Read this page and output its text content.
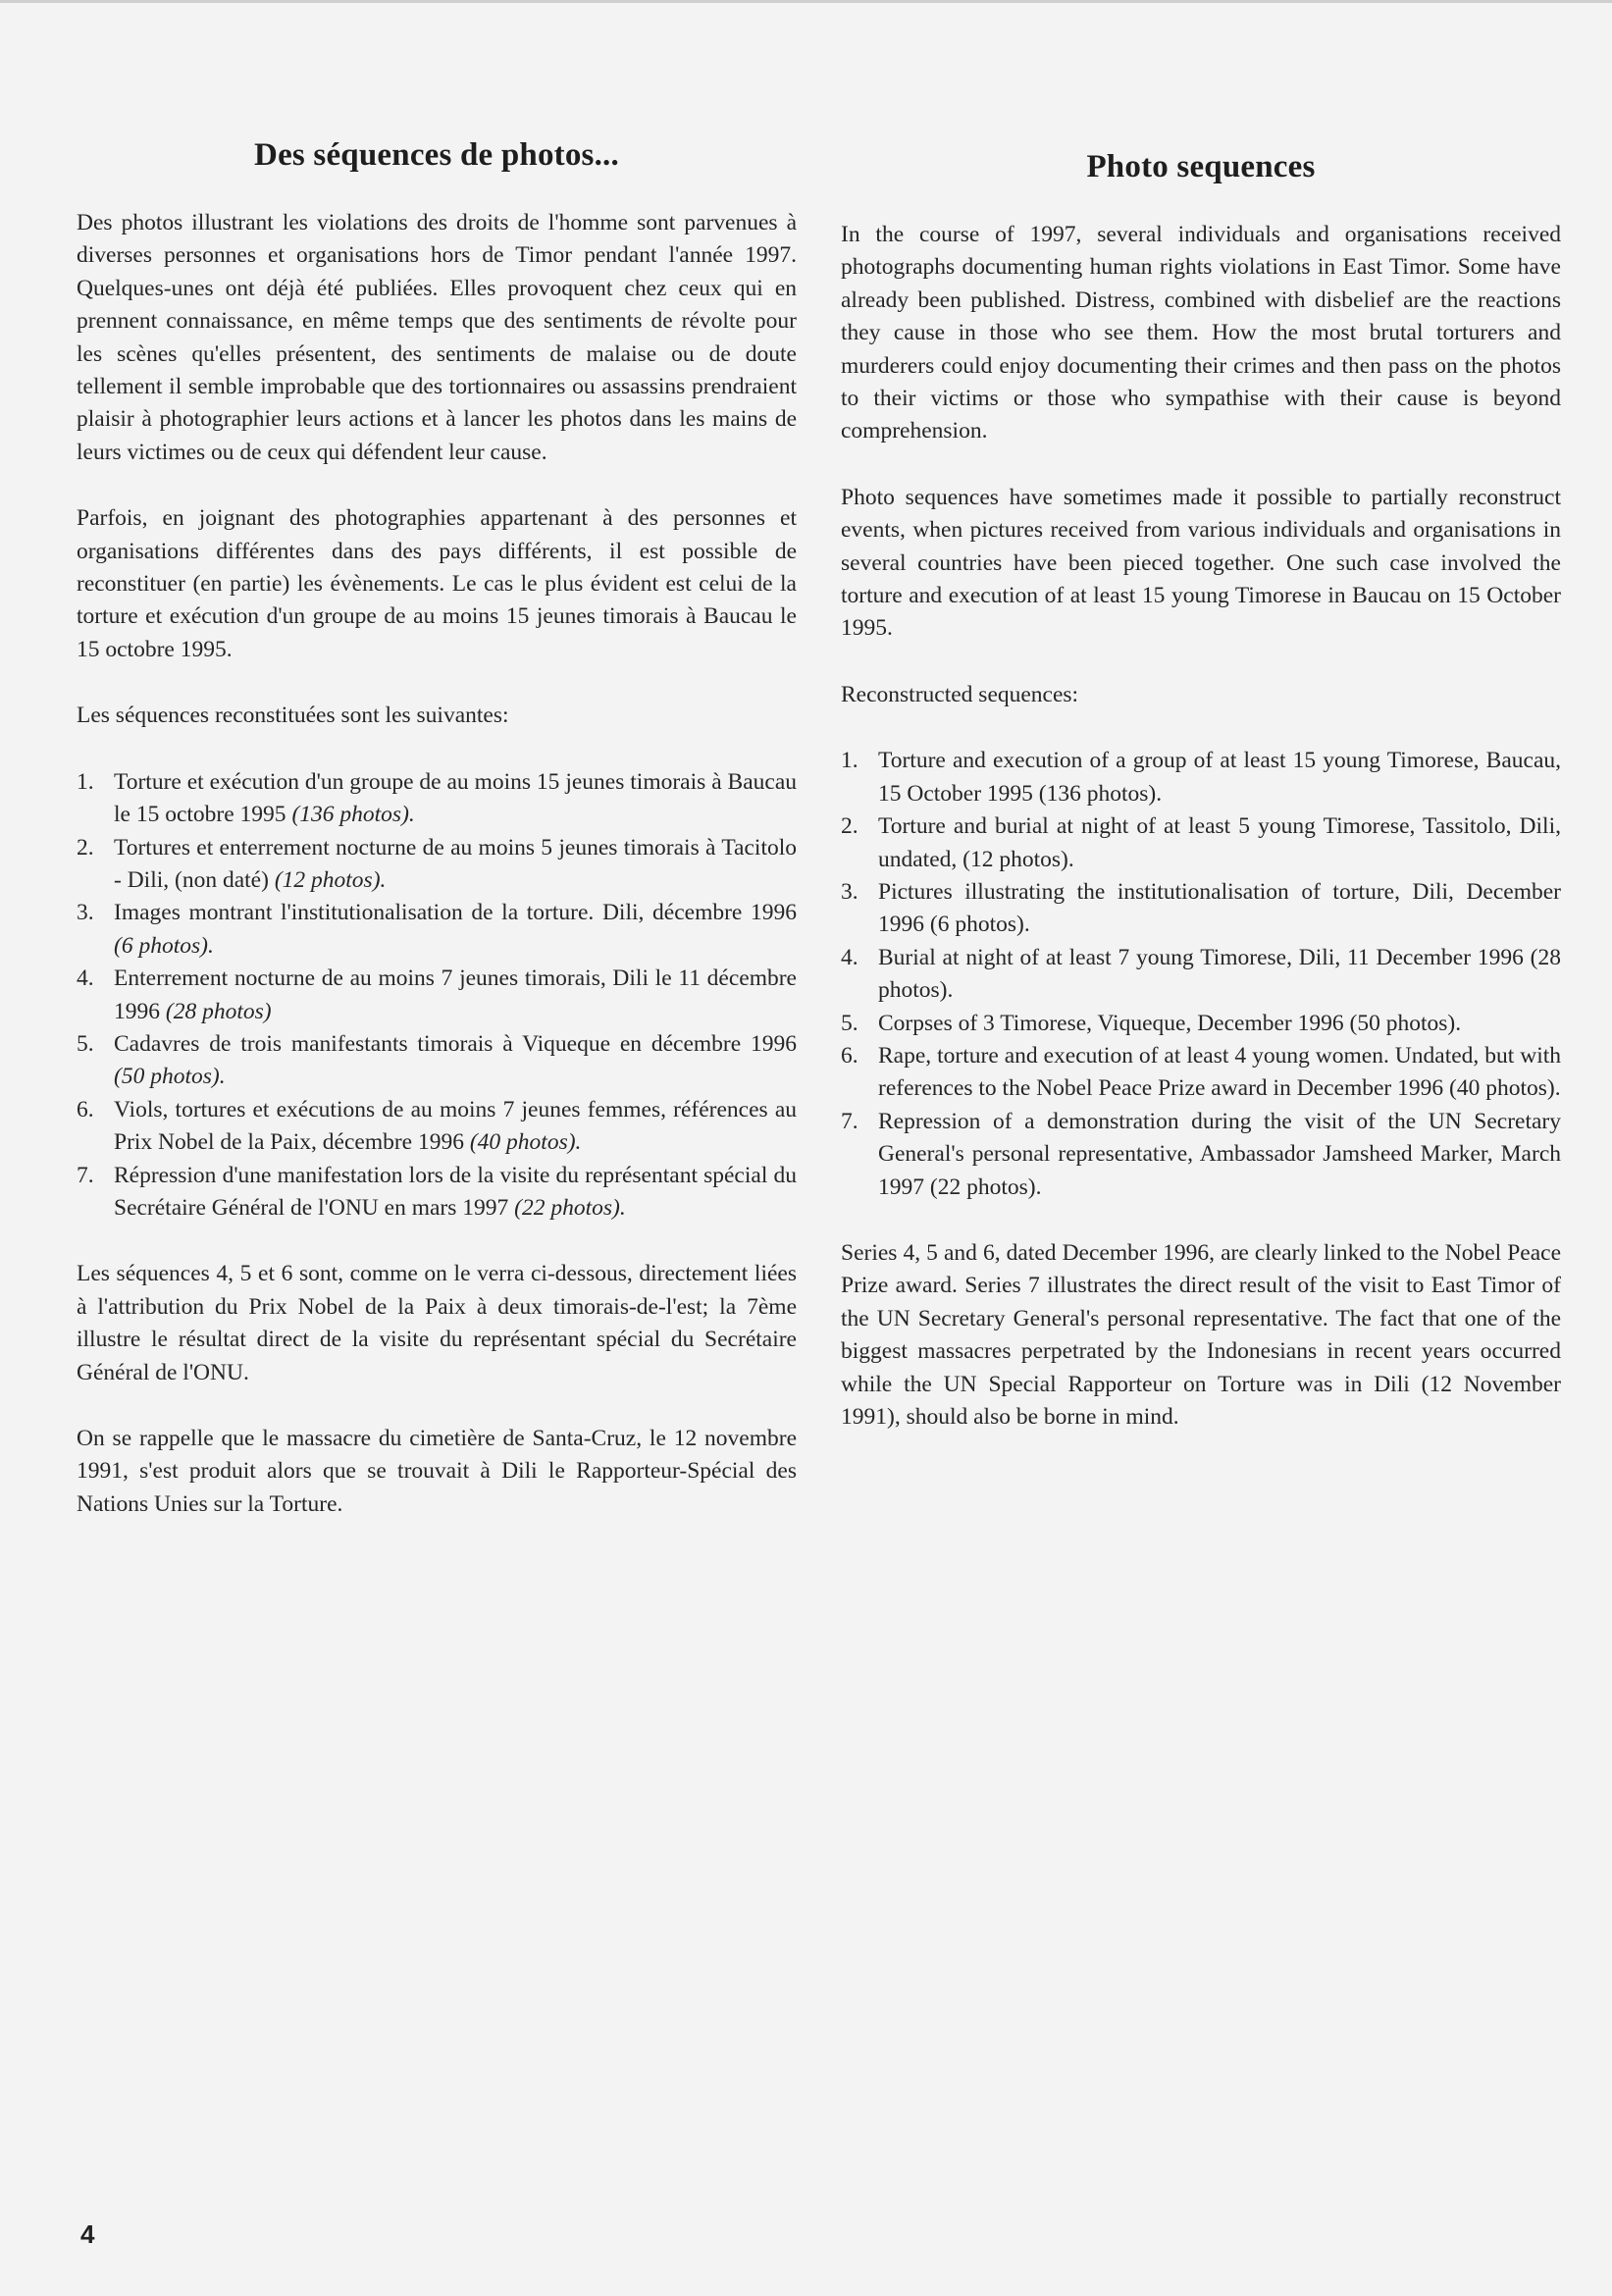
Des séquences de photos...

Des photos illustrant les violations des droits de l'homme sont parvenues à diverses personnes et organisations hors de Timor pendant l'année 1997. Quelques-unes ont déjà été publiées. Elles provoquent chez ceux qui en prennent connaissance, en même temps que des sentiments de révolte pour les scènes qu'elles présentent, des sentiments de malaise ou de doute tellement il semble improbable que des tortionnaires ou assassins prendraient plaisir à photographier leurs actions et à lancer les photos dans les mains de leurs victimes ou de ceux qui défendent leur cause.

Parfois, en joignant des photographies appartenant à des personnes et organisations différentes dans des pays différents, il est possible de reconstituer (en partie) les évènements. Le cas le plus évident est celui de la torture et exécution d'un groupe de au moins 15 jeunes timorais à Baucau le 15 octobre 1995.

Les séquences reconstituées sont les suivantes:

1. Torture et exécution d'un groupe de au moins 15 jeunes timorais à Baucau le 15 octobre 1995 (136 photos).
2. Tortures et enterrement nocturne de au moins 5 jeunes timorais à Tacitolo - Dili, (non daté) (12 photos).
3. Images montrant l'institutionalisation de la torture. Dili, décembre 1996 (6 photos).
4. Enterrement nocturne de au moins 7 jeunes timorais, Dili le 11 décembre 1996 (28 photos)
5. Cadavres de trois manifestants timorais à Viqueque en décembre 1996 (50 photos).
6. Viols, tortures et exécutions de au moins 7 jeunes femmes, références au Prix Nobel de la Paix, décembre 1996 (40 photos).
7. Répression d'une manifestation lors de la visite du représentant spécial du Secrétaire Général de l'ONU en mars 1997 (22 photos).

Les séquences 4, 5 et 6 sont, comme on le verra ci-dessous, directement liées à l'attribution du Prix Nobel de la Paix à deux timorais-de-l'est; la 7ème illustre le résultat direct de la visite du représentant spécial du Secrétaire Général de l'ONU.

On se rappelle que le massacre du cimetière de Santa-Cruz, le 12 novembre 1991, s'est produit alors que se trouvait à Dili le Rapporteur-Spécial des Nations Unies sur la Torture.

Photo sequences

In the course of 1997, several individuals and organisations received photographs documenting human rights violations in East Timor. Some have already been published. Distress, combined with disbelief are the reactions they cause in those who see them. How the most brutal torturers and murderers could enjoy documenting their crimes and then pass on the photos to their victims or those who sympathise with their cause is beyond comprehension.

Photo sequences have sometimes made it possible to partially reconstruct events, when pictures received from various individuals and organisations in several countries have been pieced together. One such case involved the torture and execution of at least 15 young Timorese in Baucau on 15 October 1995.

Reconstructed sequences:

1. Torture and execution of a group of at least 15 young Timorese, Baucau, 15 October 1995 (136 photos).
2. Torture and burial at night of at least 5 young Timorese, Tassitolo, Dili, undated, (12 photos).
3. Pictures illustrating the institutionalisation of torture, Dili, December 1996 (6 photos).
4. Burial at night of at least 7 young Timorese, Dili, 11 December 1996 (28 photos).
5. Corpses of 3 Timorese, Viqueque, December 1996 (50 photos).
6. Rape, torture and execution of at least 4 young women. Undated, but with references to the Nobel Peace Prize award in December 1996 (40 photos).
7. Repression of a demonstration during the visit of the UN Secretary General's personal representative, Ambassador Jamsheed Marker, March 1997 (22 photos).

Series 4, 5 and 6, dated December 1996, are clearly linked to the Nobel Peace Prize award. Series 7 illustrates the direct result of the visit to East Timor of the UN Secretary General's personal representative. The fact that one of the biggest massacres perpetrated by the Indonesians in recent years occurred while the UN Special Rapporteur on Torture was in Dili (12 November 1991), should also be borne in mind.

4
